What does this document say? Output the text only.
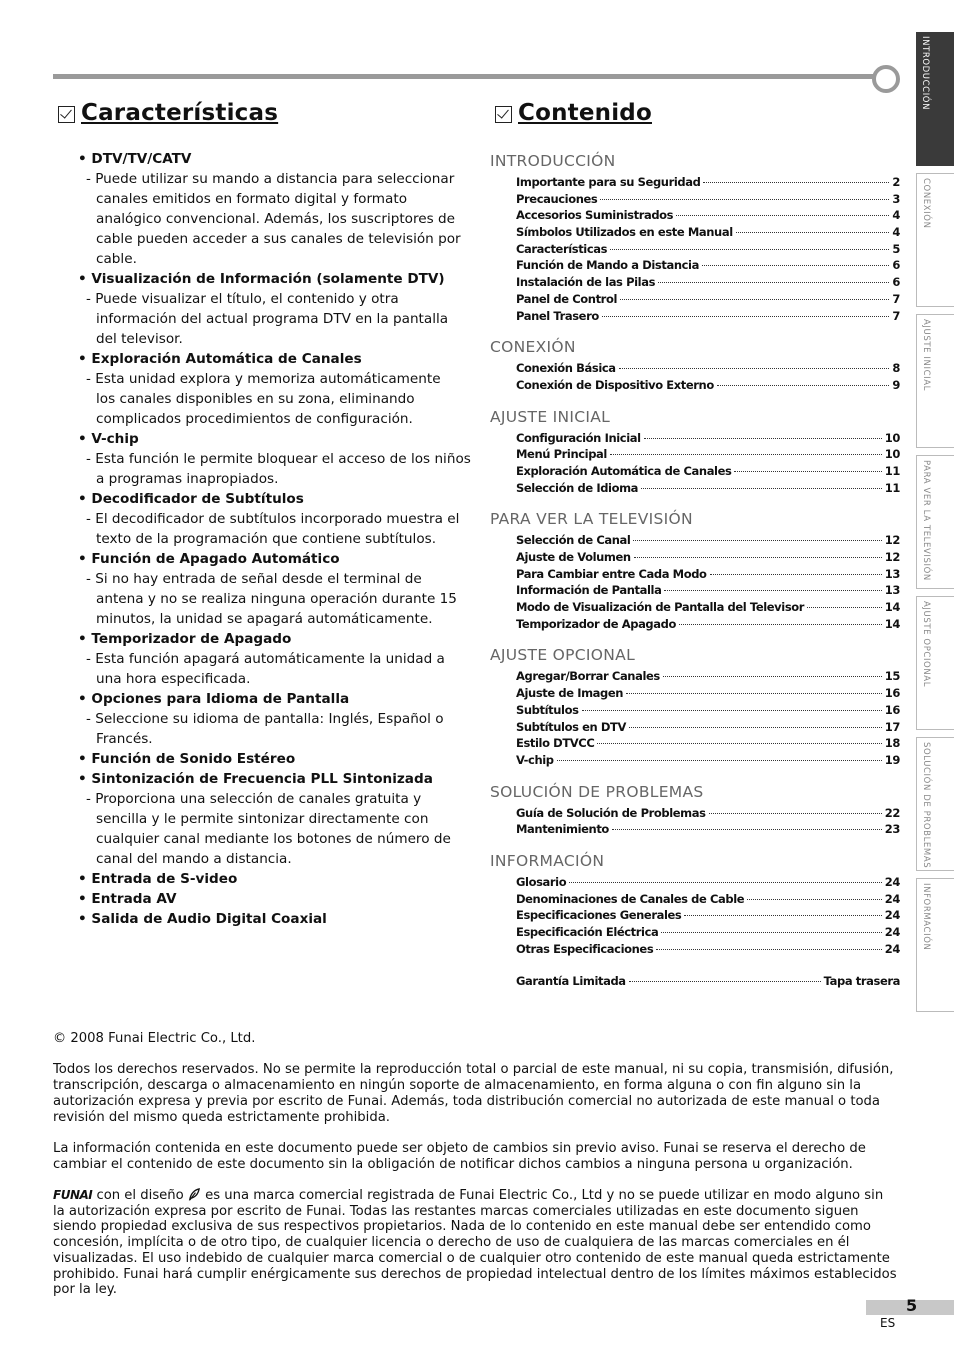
Características	Contenido
• DTV/TV/CATV
- Puede utilizar su mando a distancia para seleccionar
canales emitidos en formato digital y formato
analógico convencional. Además, los suscriptores de
cable pueden acceder a sus canales de televisión por
cable.
• Visualización de Información (solamente DTV)
- Puede visualizar el título, el contenido y otra
información del actual programa DTV en la pantalla
del televisor.
• Exploración Automática de Canales
- Esta unidad explora y memoriza automáticamente
los canales disponibles en su zona, eliminando
complicados procedimientos de configuración.
• V-chip
- Esta función le permite bloquear el acceso de los niños
a programas inapropiados.
• Decodificador de Subtítulos
- El decodificador de subtítulos incorporado muestra el
texto de la programación que contiene subtítulos.
• Función de Apagado Automático
- Si no hay entrada de señal desde el terminal de
antena y no se realiza ninguna operación durante 15
minutos, la unidad se apagará automáticamente.
• Temporizador de Apagado
- Esta función apagará automáticamente la unidad a
una hora especificada.
• Opciones para Idioma de Pantalla
- Seleccione su idioma de pantalla: Inglés, Español o
Francés.
• Función de Sonido Estéreo
• Sintonización de Frecuencia PLL Sintonizada
- Proporciona una selección de canales gratuita y
sencilla y le permite sintonizar directamente con
cualquier canal mediante los botones de número de
canal del mando a distancia.
• Entrada de S-video
• Entrada AV
• Salida de Audio Digital Coaxial
INTRODUCCIÓN
Importante para su Seguridad	2
Precauciones	3
Accesorios Suministrados	4
Símbolos Utilizados en este Manual	4
Características	5
Función de Mando a Distancia	6
Instalación de las Pilas	6
Panel de Control	7
Panel Trasero	7
CONEXIÓN
Conexión Básica	8
Conexión de Dispositivo Externo	9
AJUSTE INICIAL
Configuración Inicial	10
Menú Principal	10
Exploración Automática de Canales	11
Selección de Idioma	11
PARA VER LA TELEVISIÓN
Selección de Canal	12
Ajuste de Volumen	12
Para Cambiar entre Cada Modo	13
Información de Pantalla	13
Modo de Visualización de Pantalla del Televisor	14
Temporizador de Apagado	14
AJUSTE OPCIONAL
Agregar/Borrar Canales	15
Ajuste de Imagen	16
Subtítulos	16
Subtítulos en DTV	17
Estilo DTVCC	18
V-chip	19
SOLUCIÓN DE PROBLEMAS
Guía de Solución de Problemas	22
Mantenimiento	23
INFORMACIÓN
Glosario	24
Denominaciones de Canales de Cable	24
Especificaciones Generales	24
Especificación Eléctrica	24
Otras Especificaciones	24
Garantía Limitada	Tapa trasera
INTRODUCCIÓN
CONEXIÓN
AJUSTE INICIAL
PARA VER LA TELEVISIÓN
AJUSTE OPCIONAL
SOLUCIÓN DE PROBLEMAS
INFORMACIÓN

© 2008 Funai Electric Co., Ltd.

Todos los derechos reservados. No se permite la reproducción total o parcial de este manual, ni su copia, transmisión, difusión, transcripción, descarga o almacenamiento en ningún soporte de almacenamiento, en forma alguna o con fin alguno sin la autorización expresa y previa por escrito de Funai. Además, toda distribución comercial no autorizada de este manual o toda revisión del mismo queda estrictamente prohibida.

La información contenida en este documento puede ser objeto de cambios sin previo aviso. Funai se reserva el derecho de cambiar el contenido de este documento sin la obligación de notificar dichos cambios a ninguna persona u organización.

FUNAI con el diseño  es una marca comercial registrada de Funai Electric Co., Ltd y no se puede utilizar en modo alguno sin la autorización expresa por escrito de Funai. Todas las restantes marcas comerciales utilizadas en este documento siguen siendo propiedad exclusiva de sus respectivos propietarios. Nada de lo contenido en este manual debe ser entendido como concesión, implícita o de otro tipo, de cualquier licencia o derecho de uso de cualquiera de las marcas comerciales en él visualizadas. El uso indebido de cualquier marca comercial o de cualquier otro contenido de este manual queda estrictamente prohibido. Funai hará cumplir enérgicamente sus derechos de propiedad intelectual dentro de los límites máximos establecidos por la ley.

5
ES
